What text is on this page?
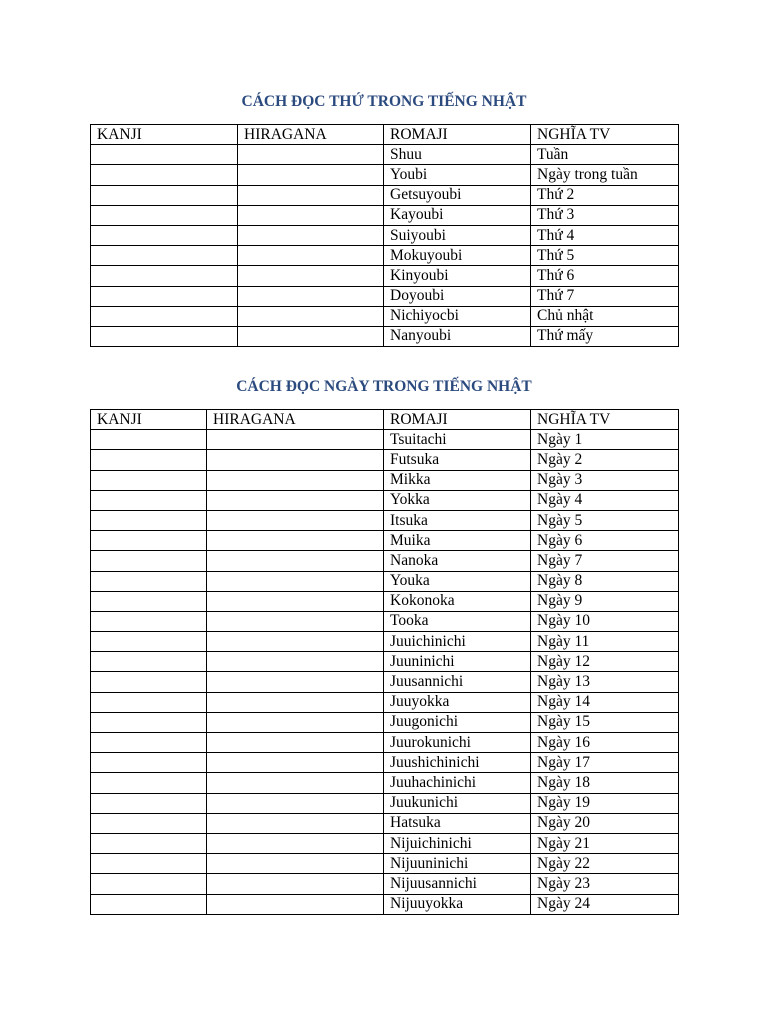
CÁCH ĐỌC THỨ TRONG TIẾNG NHẬT
KANJI	HIRAGANA	ROMAJI	NGHĨA TV
		Shuu	Tuần
		Youbi	Ngày trong tuần
		Getsuyoubi	Thứ 2
		Kayoubi	Thứ 3
		Suiyoubi	Thứ 4
		Mokuyoubi	Thứ 5
		Kinyoubi	Thứ 6
		Doyoubi	Thứ 7
		Nichiyocbi	Chủ nhật
		Nanyoubi	Thứ mấy
CÁCH ĐỌC NGÀY TRONG TIẾNG NHẬT
KANJI	HIRAGANA	ROMAJI	NGHĨA TV
		Tsuitachi	Ngày 1
		Futsuka	Ngày 2
		Mikka	Ngày 3
		Yokka	Ngày 4
		Itsuka	Ngày 5
		Muika	Ngày 6
		Nanoka	Ngày 7
		Youka	Ngày 8
		Kokonoka	Ngày 9
		Tooka	Ngày 10
		Juuichinichi	Ngày 11
		Juuninichi	Ngày 12
		Juusannichi	Ngày 13
		Juuyokka	Ngày 14
		Juugonichi	Ngày 15
		Juurokunichi	Ngày 16
		Juushichinichi	Ngày 17
		Juuhachinichi	Ngày 18
		Juukunichi	Ngày 19
		Hatsuka	Ngày 20
		Nijuichinichi	Ngày 21
		Nijuuninichi	Ngày 22
		Nijuusannichi	Ngày 23
		Nijuuyokka	Ngày 24
